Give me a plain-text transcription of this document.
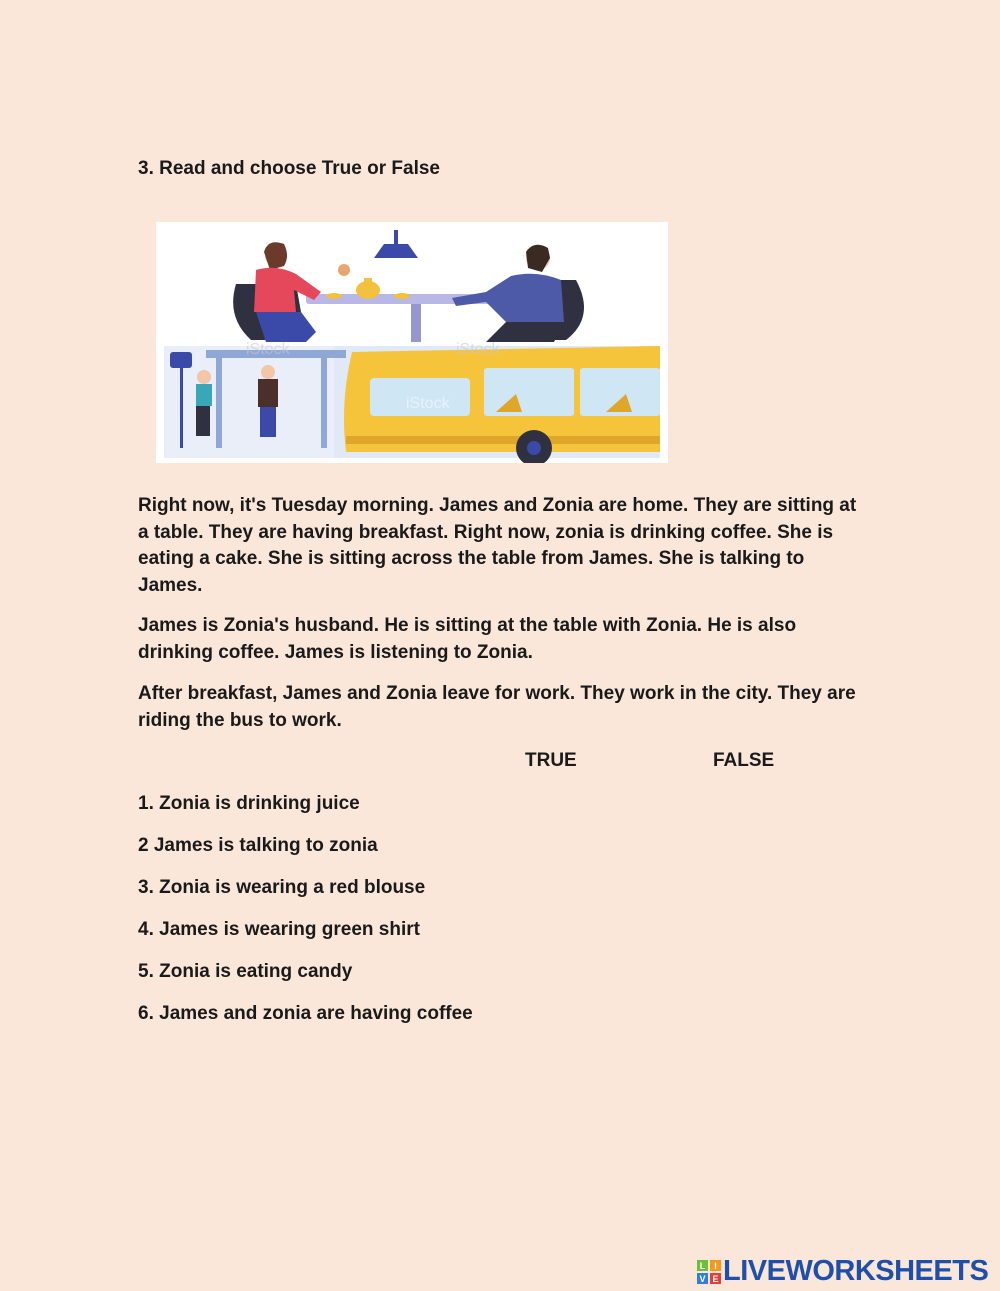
3. Read and choose True or False
iStock	iStock
iStock
Right now, it's Tuesday morning. James and Zonia are home. They are sitting at a table. They are having breakfast. Right now, zonia is drinking coffee. She is eating a cake. She is sitting across the table from James. She is talking to James.
James is Zonia's husband. He is sitting at the table with Zonia. He is also drinking coffee. James is listening to Zonia.
After breakfast, James and Zonia leave for work. They work in the city. They are riding the bus to work.
TRUE	FALSE
1. Zonia is drinking juice
2 James is talking to zonia
3. Zonia is wearing a red blouse
4. James is wearing green shirt
5. Zonia is eating candy
6. James and zonia are having coffee
L I
V E LIVEWORKSHEETS
